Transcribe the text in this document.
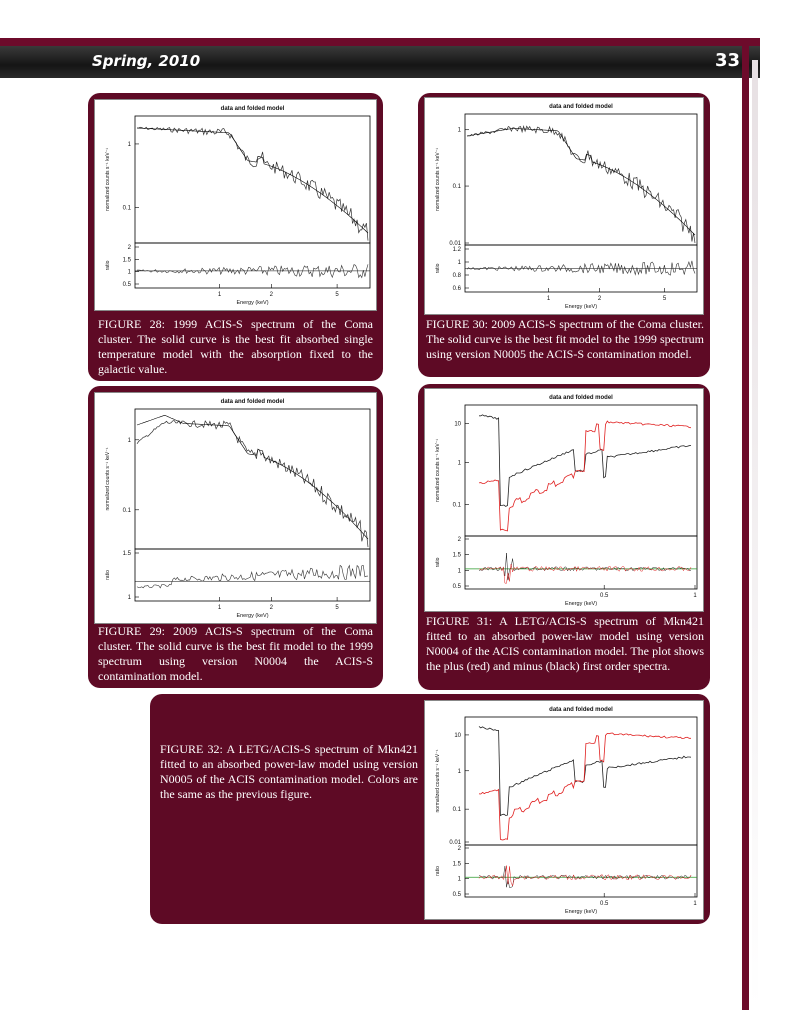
Spring, 2010	33
data and folded model
normalized counts s⁻¹ keV⁻¹
ratio
Energy (keV)
1
0.1
2
1.5
1
0.5
1	2	5
FIGURE 28: 1999 ACIS-S spectrum of the Coma cluster. The solid curve is the best fit absorbed single temperature model with the absorption fixed to the galactic value.
data and folded model
normalized counts s⁻¹ keV⁻¹
ratio
Energy (keV)
1
0.1
1.5
1
1	2	5
FIGURE 29: 2009 ACIS-S spectrum of the Coma cluster. The solid curve is the best fit model to the 1999 spectrum using version N0004 the ACIS-S contamination model.
data and folded model
normalized counts s⁻¹ keV⁻¹
ratio
Energy (keV)
1
0.1
0.01
1.2
1
0.8
0.6
1	2	5
FIGURE 30: 2009 ACIS-S spectrum of the Coma cluster. The solid curve is the best fit model to the 1999 spectrum using version N0005 the ACIS-S contamination model.
data and folded model
normalized counts s⁻¹ keV⁻¹
ratio
Energy (keV)
10
1
0.1
2
1.5
1
0.5
0.5	1
FIGURE 31: A LETG/ACIS-S spectrum of Mkn421 fitted to an absorbed power-law model using version N0004 of the ACIS contamination model. The plot shows the plus (red) and minus (black) first order spectra.
FIGURE 32: A LETG/ACIS-S spectrum of Mkn421 fitted to an absorbed power-law model using version N0005 of the ACIS contamination model. Colors are the same as the previous figure.
data and folded model
normalized counts s⁻¹ keV⁻¹
ratio
Energy (keV)
10
1
0.1
0.01
2
1.5
1
0.5
0.5	1
